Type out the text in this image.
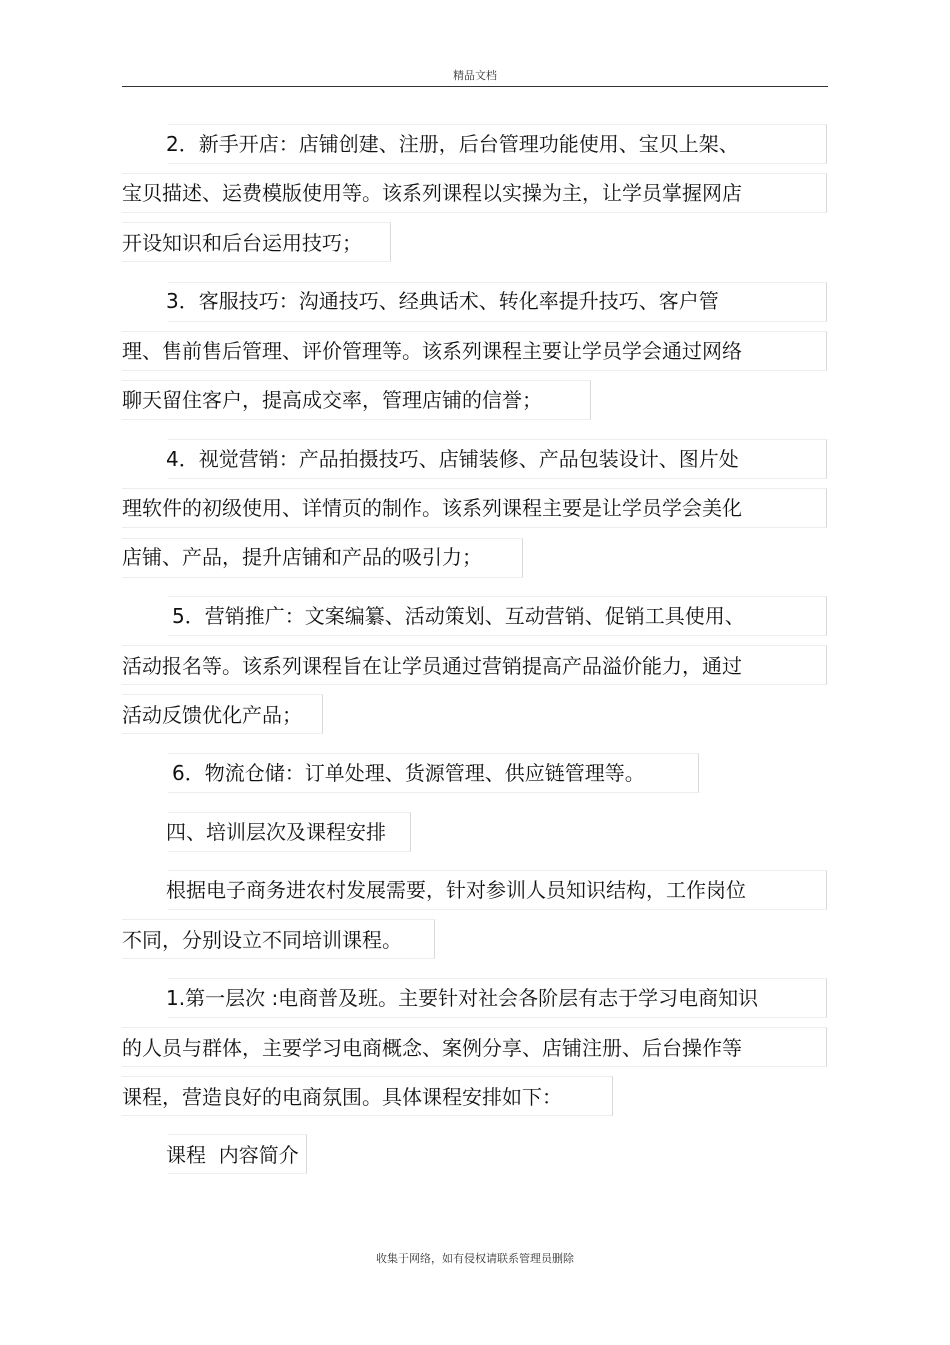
精品文档
2．新手开店：店铺创建、注册，后台管理功能使用、宝贝上架、
宝贝描述、运费模版使用等。该系列课程以实操为主，让学员掌握网店
开设知识和后台运用技巧；
3．客服技巧：沟通技巧、经典话术、转化率提升技巧、客户管
理、售前售后管理、评价管理等。该系列课程主要让学员学会通过网络
聊天留住客户，提高成交率，管理店铺的信誉；
4．视觉营销：产品拍摄技巧、店铺装修、产品包装设计、图片处
理软件的初级使用、详情页的制作。该系列课程主要是让学员学会美化
店铺、产品，提升店铺和产品的吸引力；
5．营销推广：文案编纂、活动策划、互动营销、促销工具使用、
活动报名等。该系列课程旨在让学员通过营销提高产品溢价能力，通过
活动反馈优化产品；
6．物流仓储：订单处理、货源管理、供应链管理等。
四、培训层次及课程安排
根据电子商务进农村发展需要，针对参训人员知识结构，工作岗位
不同，分别设立不同培训课程。
1.第一层次 :电商普及班。主要针对社会各阶层有志于学习电商知识
的人员与群体，主要学习电商概念、案例分享、店铺注册、后台操作等
课程，营造良好的电商氛围。具体课程安排如下：
课程  内容简介
收集于网络，如有侵权请联系管理员删除
